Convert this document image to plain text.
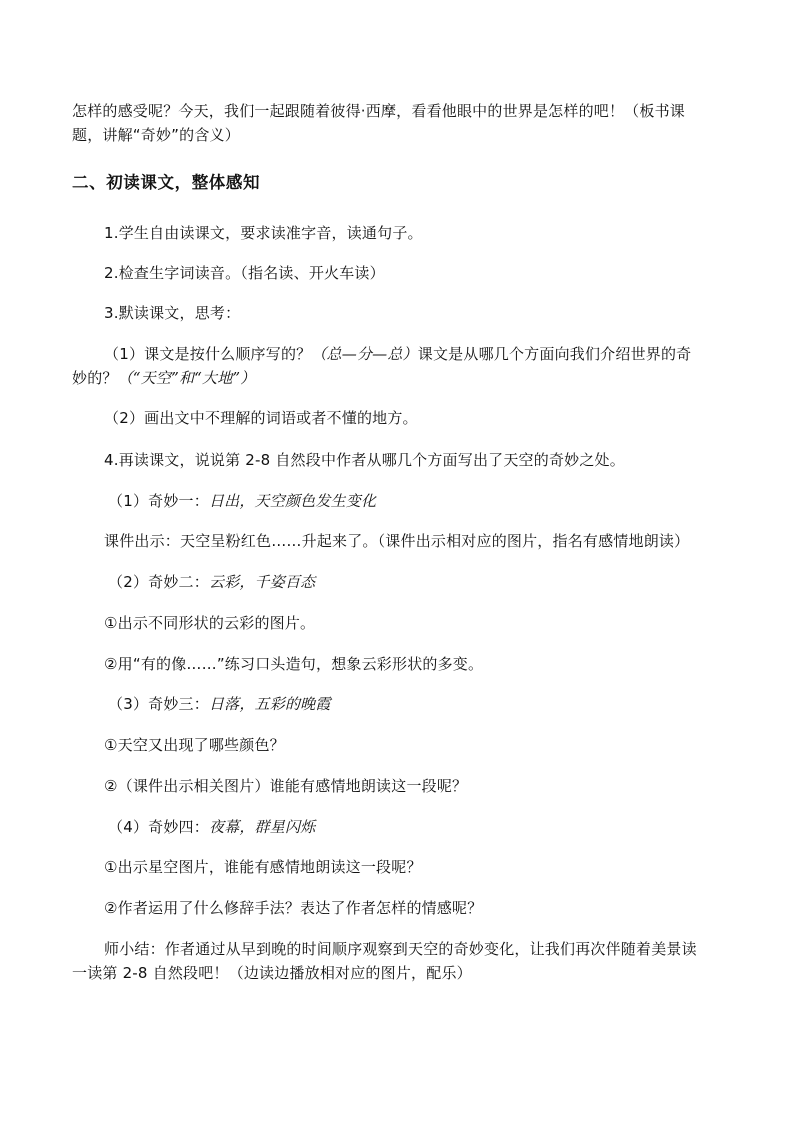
怎样的感受呢？今天，我们一起跟随着彼得·西摩，看看他眼中的世界是怎样的吧！（板书课
题，讲解“奇妙”的含义）
二、初读课文，整体感知
1.学生自由读课文，要求读准字音，读通句子。
2.检查生字词读音。（指名读、开火车读）
3.默读课文，思考：
（1）课文是按什么顺序写的？（总—分—总）课文是从哪几个方面向我们介绍世界的奇
妙的？（“天空”和“大地”）
（2）画出文中不理解的词语或者不懂的地方。
4.再读课文，说说第 2-8 自然段中作者从哪几个方面写出了天空的奇妙之处。
（1）奇妙一：日出，天空颜色发生变化
课件出示：天空呈粉红色……升起来了。（课件出示相对应的图片，指名有感情地朗读）
（2）奇妙二：云彩，千姿百态
①出示不同形状的云彩的图片。
②用“有的像……”练习口头造句，想象云彩形状的多变。
（3）奇妙三：日落，五彩的晚霞
①天空又出现了哪些颜色？
②（课件出示相关图片）谁能有感情地朗读这一段呢？
（4）奇妙四：夜幕，群星闪烁
①出示星空图片，谁能有感情地朗读这一段呢？
②作者运用了什么修辞手法？表达了作者怎样的情感呢？
师小结：作者通过从早到晚的时间顺序观察到天空的奇妙变化，让我们再次伴随着美景读
一读第 2-8 自然段吧！（边读边播放相对应的图片，配乐）
